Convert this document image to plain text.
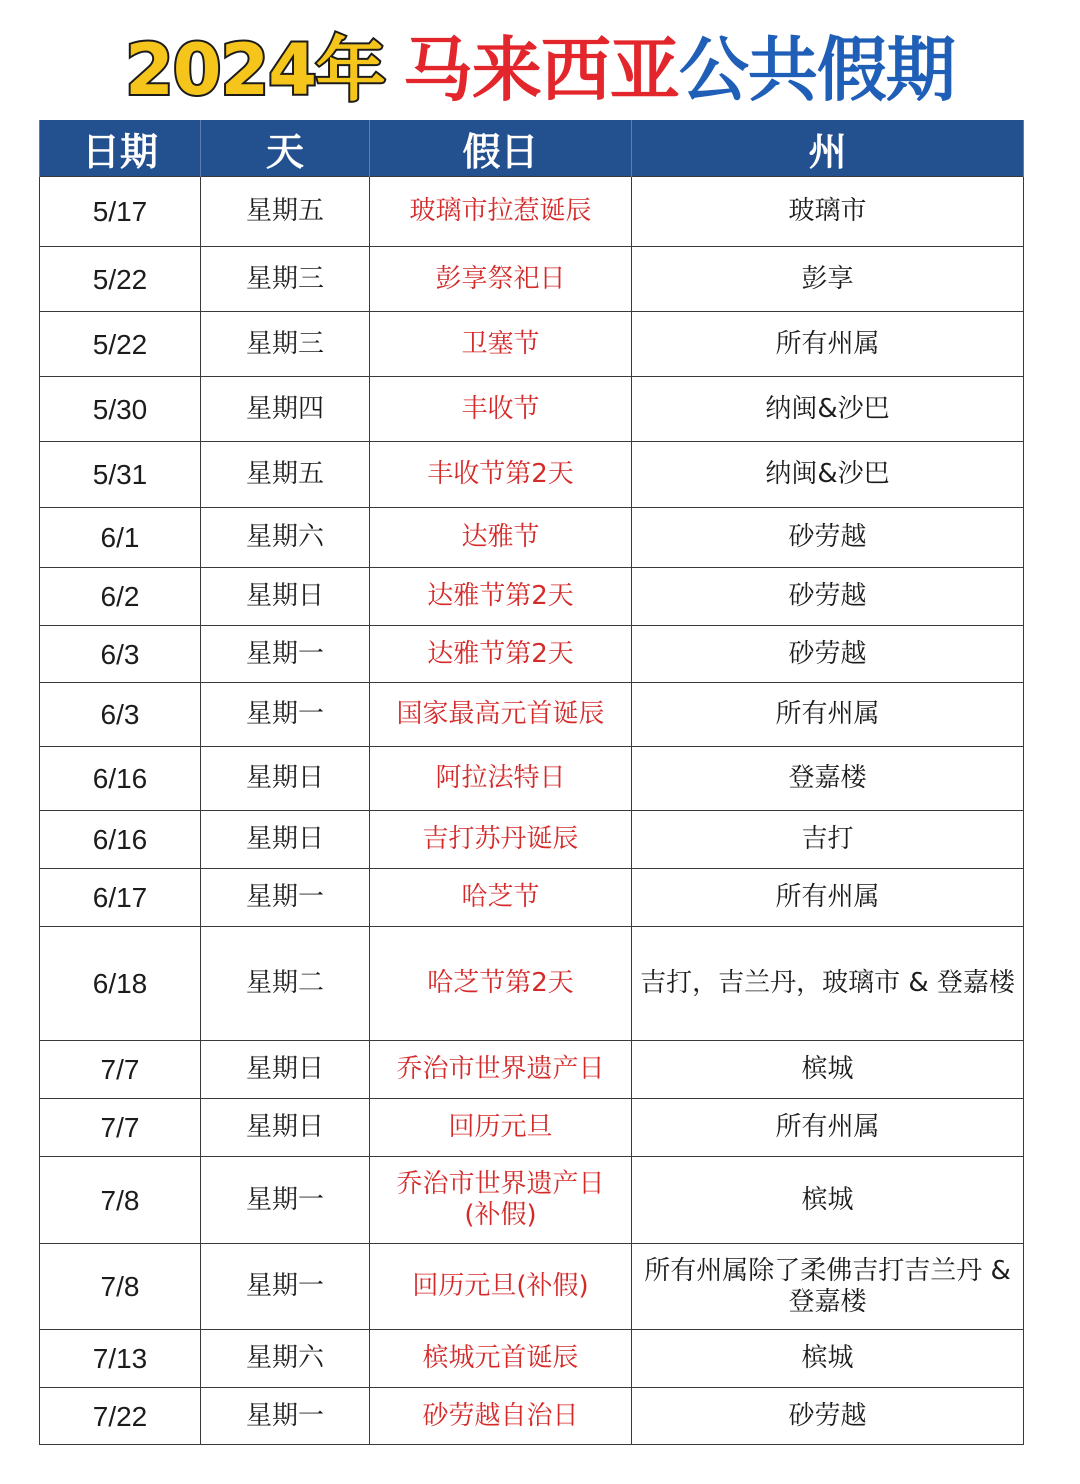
2024年 马来西亚 公共假期
日期	天	假日	州
5/17	星期五	玻璃市拉惹诞辰	玻璃市
5/22	星期三	彭享祭祀日	彭享
5/22	星期三	卫塞节	所有州属
5/30	星期四	丰收节	纳闽&沙巴
5/31	星期五	丰收节第2天	纳闽&沙巴
6/1	星期六	达雅节	砂劳越
6/2	星期日	达雅节第2天	砂劳越
6/3	星期一	达雅节第2天	砂劳越
6/3	星期一	国家最高元首诞辰	所有州属
6/16	星期日	阿拉法特日	登嘉楼
6/16	星期日	吉打苏丹诞辰	吉打
6/17	星期一	哈芝节	所有州属
6/18	星期二	哈芝节第2天	吉打，吉兰丹，玻璃市 & 登嘉楼
7/7	星期日	乔治市世界遗产日	槟城
7/7	星期日	回历元旦	所有州属
7/8	星期一	乔治市世界遗产日 (补假)	槟城
7/8	星期一	回历元旦(补假)	所有州属除了柔佛吉打吉兰丹 &登嘉楼
7/13	星期六	槟城元首诞辰	槟城
7/22	星期一	砂劳越自治日	砂劳越
